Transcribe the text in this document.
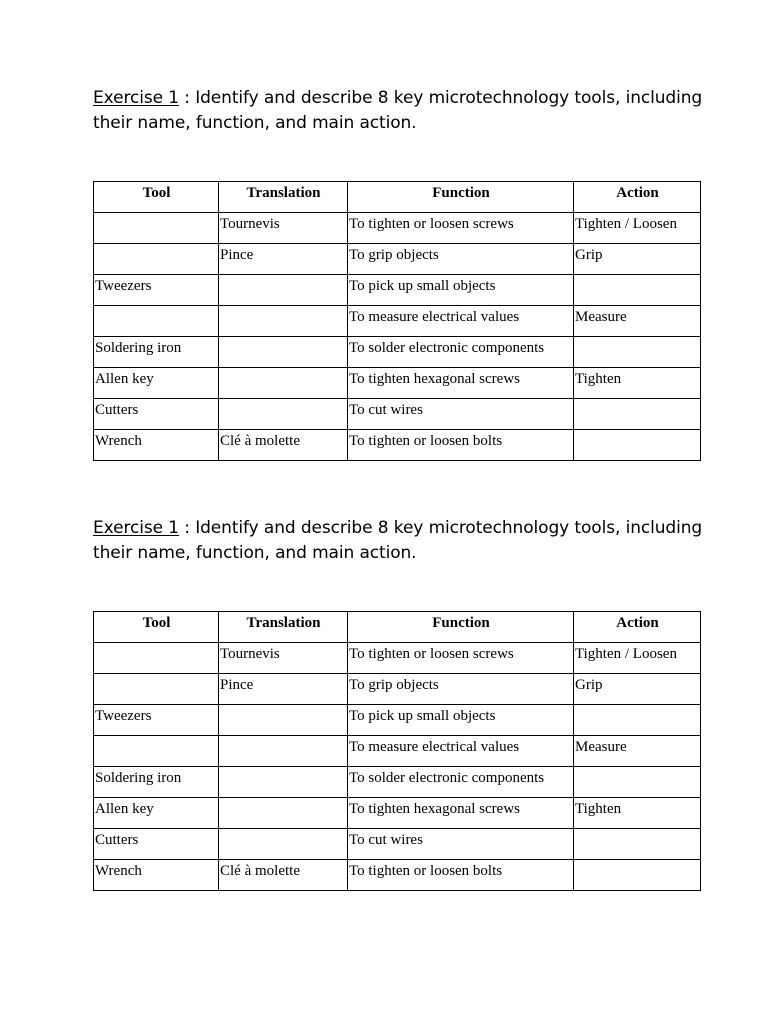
Exercise 1 : Identify and describe 8 key microtechnology tools, including their name, function, and main action.

Tool	Translation	Function	Action
	Tournevis	To tighten or loosen screws	Tighten / Loosen
	Pince	To grip objects	Grip
Tweezers		To pick up small objects	
		To measure electrical values	Measure
Soldering iron		To solder electronic components	
Allen key		To tighten hexagonal screws	Tighten
Cutters		To cut wires	
Wrench	Clé à molette	To tighten or loosen bolts	

Exercise 1 : Identify and describe 8 key microtechnology tools, including their name, function, and main action.

Tool	Translation	Function	Action
	Tournevis	To tighten or loosen screws	Tighten / Loosen
	Pince	To grip objects	Grip
Tweezers		To pick up small objects	
		To measure electrical values	Measure
Soldering iron		To solder electronic components	
Allen key		To tighten hexagonal screws	Tighten
Cutters		To cut wires	
Wrench	Clé à molette	To tighten or loosen bolts	
